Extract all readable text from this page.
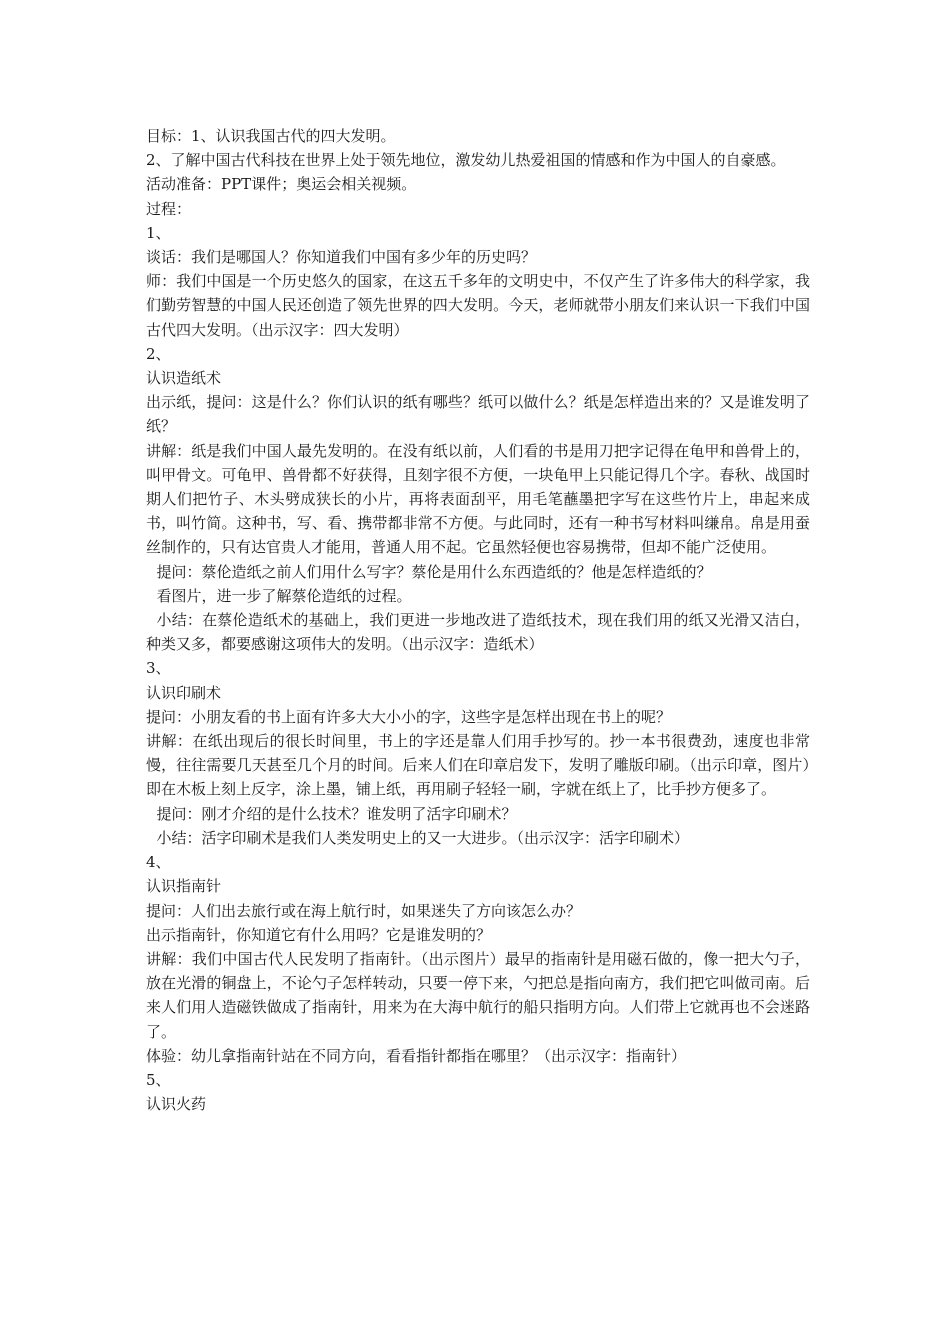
目标：1、认识我国古代的四大发明。

2、了解中国古代科技在世界上处于领先地位，激发幼儿热爱祖国的情感和作为中国人的自豪感。

活动准备：PPT课件；奥运会相关视频。

过程：

1、

谈话：我们是哪国人？你知道我们中国有多少年的历史吗？

师：我们中国是一个历史悠久的国家，在这五千多年的文明史中，不仅产生了许多伟大的科学家，我们勤劳智慧的中国人民还创造了领先世界的四大发明。今天，老师就带小朋友们来认识一下我们中国古代四大发明。（出示汉字：四大发明）

2、

认识造纸术

出示纸，提问：这是什么？你们认识的纸有哪些？纸可以做什么？纸是怎样造出来的？又是谁发明了纸？

讲解：纸是我们中国人最先发明的。在没有纸以前，人们看的书是用刀把字记得在龟甲和兽骨上的，叫甲骨文。可龟甲、兽骨都不好获得，且刻字很不方便，一块龟甲上只能记得几个字。春秋、战国时期人们把竹子、木头劈成狭长的小片，再将表面刮平，用毛笔蘸墨把字写在这些竹片上，串起来成书，叫竹简。这种书，写、看、携带都非常不方便。与此同时，还有一种书写材料叫缣帛。帛是用蚕丝制作的，只有达官贵人才能用，普通人用不起。它虽然轻便也容易携带，但却不能广泛使用。

提问：蔡伦造纸之前人们用什么写字？蔡伦是用什么东西造纸的？他是怎样造纸的？

看图片，进一步了解蔡伦造纸的过程。

小结：在蔡伦造纸术的基础上，我们更进一步地改进了造纸技术，现在我们用的纸又光滑又洁白，种类又多，都要感谢这项伟大的发明。（出示汉字：造纸术）

3、

认识印刷术

提问：小朋友看的书上面有许多大大小小的字，这些字是怎样出现在书上的呢？

讲解：在纸出现后的很长时间里，书上的字还是靠人们用手抄写的。抄一本书很费劲，速度也非常慢，往往需要几天甚至几个月的时间。后来人们在印章启发下，发明了雕版印刷。（出示印章，图片）即在木板上刻上反字，涂上墨，铺上纸，再用刷子轻轻一刷，字就在纸上了，比手抄方便多了。

提问：刚才介绍的是什么技术？谁发明了活字印刷术？

小结：活字印刷术是我们人类发明史上的又一大进步。（出示汉字：活字印刷术）

4、

认识指南针

提问：人们出去旅行或在海上航行时，如果迷失了方向该怎么办？

出示指南针，你知道它有什么用吗？它是谁发明的？

讲解：我们中国古代人民发明了指南针。（出示图片）最早的指南针是用磁石做的，像一把大勺子，放在光滑的铜盘上，不论勺子怎样转动，只要一停下来，勺把总是指向南方，我们把它叫做司南。后来人们用人造磁铁做成了指南针，用来为在大海中航行的船只指明方向。人们带上它就再也不会迷路了。

体验：幼儿拿指南针站在不同方向，看看指针都指在哪里？（出示汉字：指南针）

5、

认识火药
